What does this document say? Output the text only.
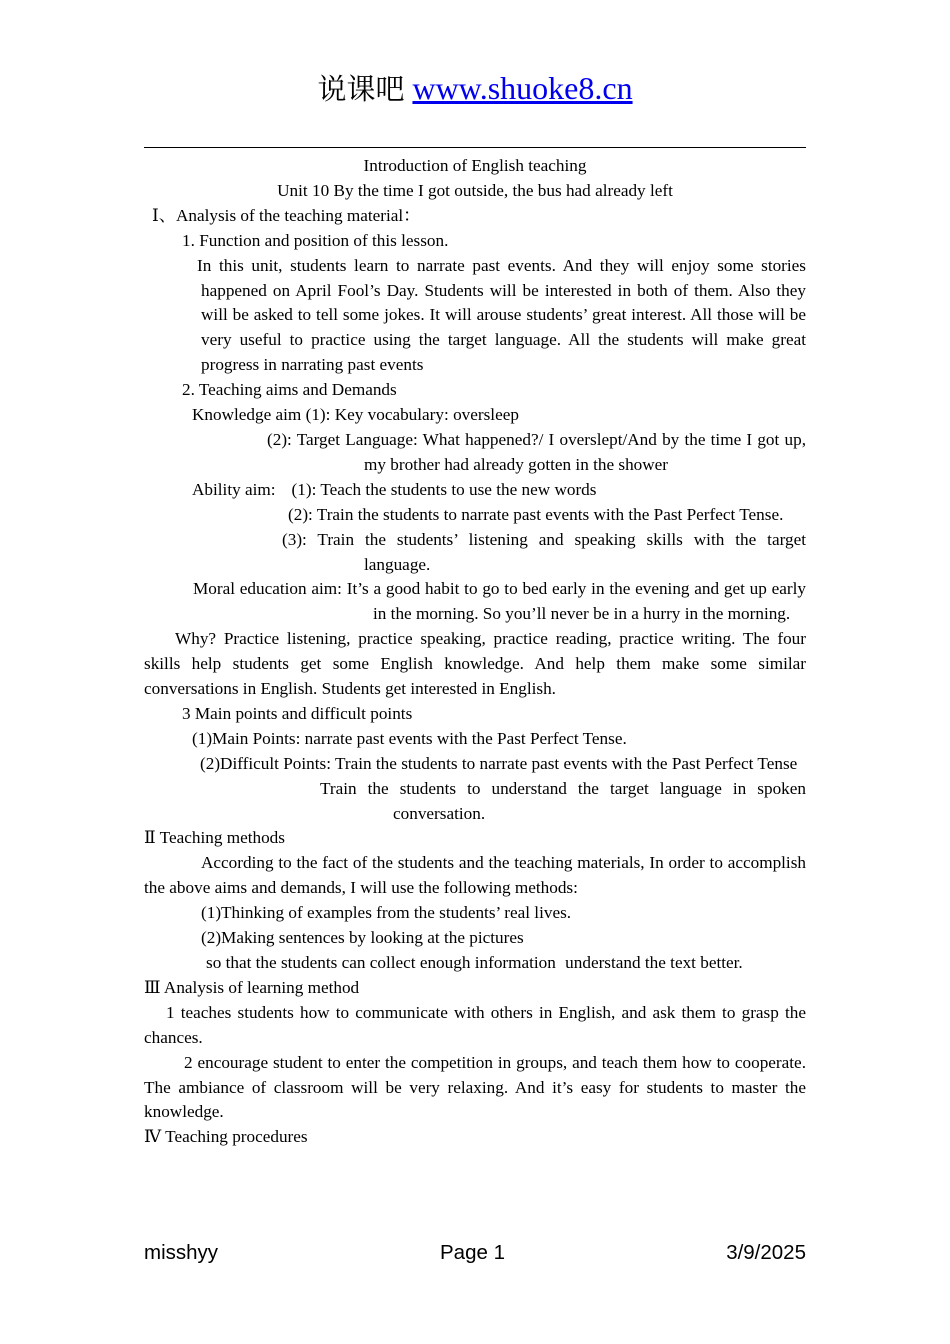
说课吧 www.shuoke8.cn

Introduction of English teaching

Unit 10 By the time I got outside, the bus had already left

Ⅰ、Analysis of the teaching material：

1. Function and position of this lesson.

In this unit, students learn to narrate past events. And they will enjoy some stories happened on April Fool’s Day. Students will be interested in both of them. Also they will be asked to tell some jokes. It will arouse students’ great interest. All those will be very useful to practice using the target language. All the students will make great progress in narrating past events

2. Teaching aims and Demands

Knowledge aim (1): Key vocabulary: oversleep

(2): Target Language: What happened?/ I overslept/And by the time I got up, my brother had already gotten in the shower

Ability aim: (1): Teach the students to use the new words

(2): Train the students to narrate past events with the Past Perfect Tense.

(3): Train the students’ listening and speaking skills with the target language.

Moral education aim: It’s a good habit to go to bed early in the evening and get up early in the morning. So you’ll never be in a hurry in the morning.

Why? Practice listening, practice speaking, practice reading, practice writing. The four skills help students get some English knowledge. And help them make some similar conversations in English. Students get interested in English.

3 Main points and difficult points

(1)Main Points: narrate past events with the Past Perfect Tense.

(2)Difficult Points: Train the students to narrate past events with the Past Perfect Tense

Train the students to understand the target language in spoken conversation.

Ⅱ Teaching methods

According to the fact of the students and the teaching materials, In order to accomplish the above aims and demands, I will use the following methods:

(1)Thinking of examples from the students’ real lives.

(2)Making sentences by looking at the pictures

so that the students can collect enough information understand the text better.

Ⅲ Analysis of learning method

1 teaches students how to communicate with others in English, and ask them to grasp the chances.

2 encourage student to enter the competition in groups, and teach them how to cooperate. The ambiance of classroom will be very relaxing. And it’s easy for students to master the knowledge.

Ⅳ Teaching procedures

misshyy	Page 1	3/9/2025
